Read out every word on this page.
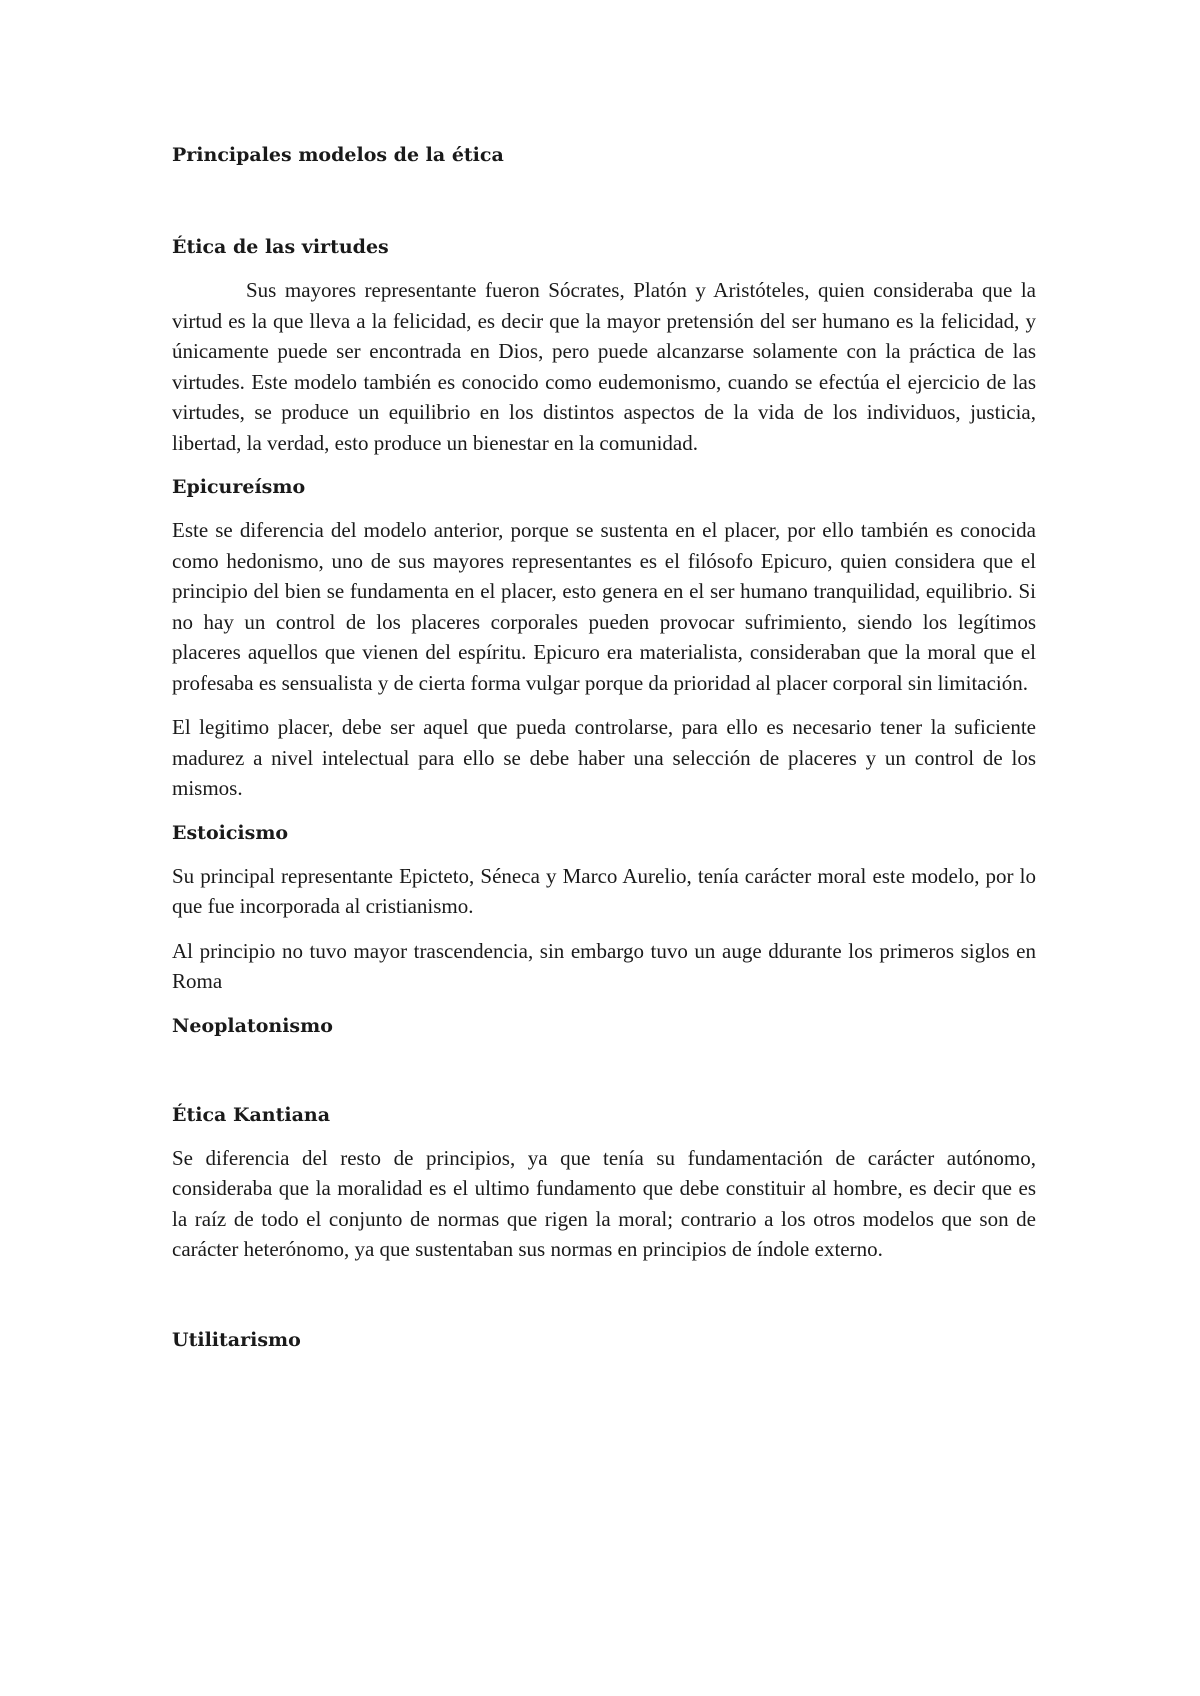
Principales modelos de la ética
Ética de las virtudes

Sus mayores representante fueron Sócrates, Platón y Aristóteles, quien consideraba que la virtud es la que lleva a la felicidad, es decir que la mayor pretensión del ser humano es la felicidad, y únicamente puede ser encontrada en Dios, pero puede alcanzarse solamente con la práctica de las virtudes. Este modelo también es conocido como eudemonismo, cuando se efectúa el ejercicio de las virtudes, se produce un equilibrio en los distintos aspectos de la vida de los individuos, justicia, libertad, la verdad, esto produce un bienestar en la comunidad.

Epicureísmo

Este se diferencia del modelo anterior, porque se sustenta en el placer, por ello también es conocida como hedonismo, uno de sus mayores representantes es el filósofo Epicuro, quien considera que el principio del bien se fundamenta en el placer, esto genera en el ser humano tranquilidad, equilibrio. Si no hay un control de los placeres corporales pueden provocar sufrimiento, siendo los legítimos placeres aquellos que vienen del espíritu. Epicuro era materialista, consideraban que la moral que el profesaba es sensualista y de cierta forma vulgar porque da prioridad al placer corporal sin limitación.

El legitimo placer, debe ser aquel que pueda controlarse, para ello es necesario tener la suficiente madurez a nivel intelectual para ello se debe haber una selección de placeres y un control de los mismos.

Estoicismo

Su principal representante Epicteto, Séneca y Marco Aurelio, tenía carácter moral este modelo, por lo que fue incorporada al cristianismo.

Al principio no tuvo mayor trascendencia, sin embargo tuvo un auge ddurante los primeros siglos en Roma

Neoplatonismo
Ética Kantiana

Se diferencia del resto de principios, ya que tenía su fundamentación de carácter autónomo, consideraba que la moralidad es el ultimo fundamento que debe constituir al hombre, es decir que es la raíz de todo el conjunto de normas que rigen la moral; contrario a los otros modelos que son de carácter heterónomo, ya que sustentaban sus normas en principios de índole externo.

Utilitarismo
